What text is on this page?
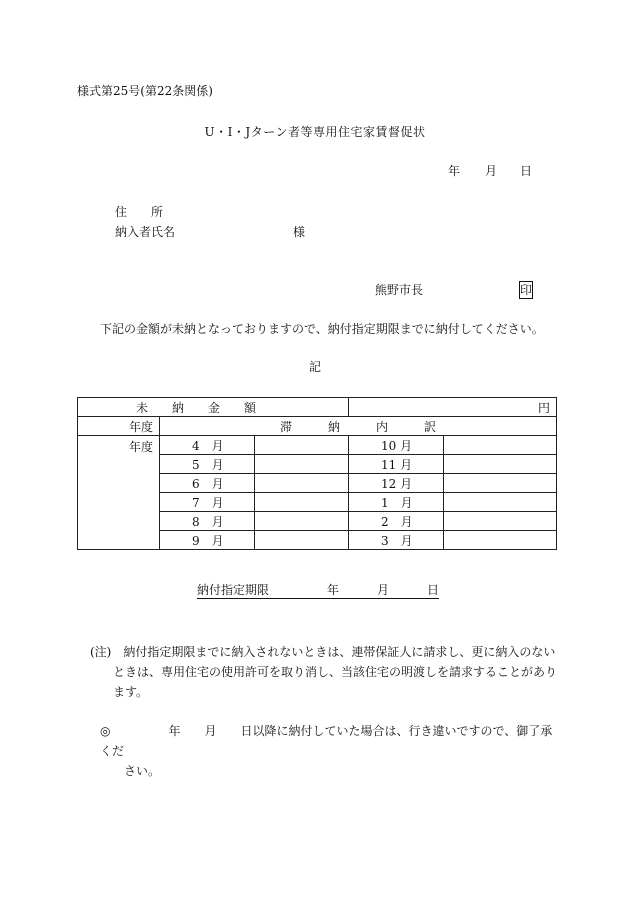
様式第25号(第22条関係)
U・I・Jターン者等専用住宅家賃督促状
年 月 日
住　　所
納入者氏名	様
熊野市長	印
下記の金額が未納となっておりますので、納付指定期限までに納付してください。
記
未　　納　　金　　額			円	
年度	滞　　　納　　　内　　　訳			
年度	4　月		10 月	
	5　月		11 月	
	6　月		12 月	
	7　月		1　月	
	8　月		2　月	
	9　月		3　月	
納付指定期限	年	月	日
(注)　納付指定期限までに納入されないときは、連帯保証人に請求し、更に納入のない
ときは、専用住宅の使用許可を取り消し、当該住宅の明渡しを請求することがあり
ます。
◎	年 月 日以降に納付していた場合は、行き違いですので、御了承くだ
さい。
